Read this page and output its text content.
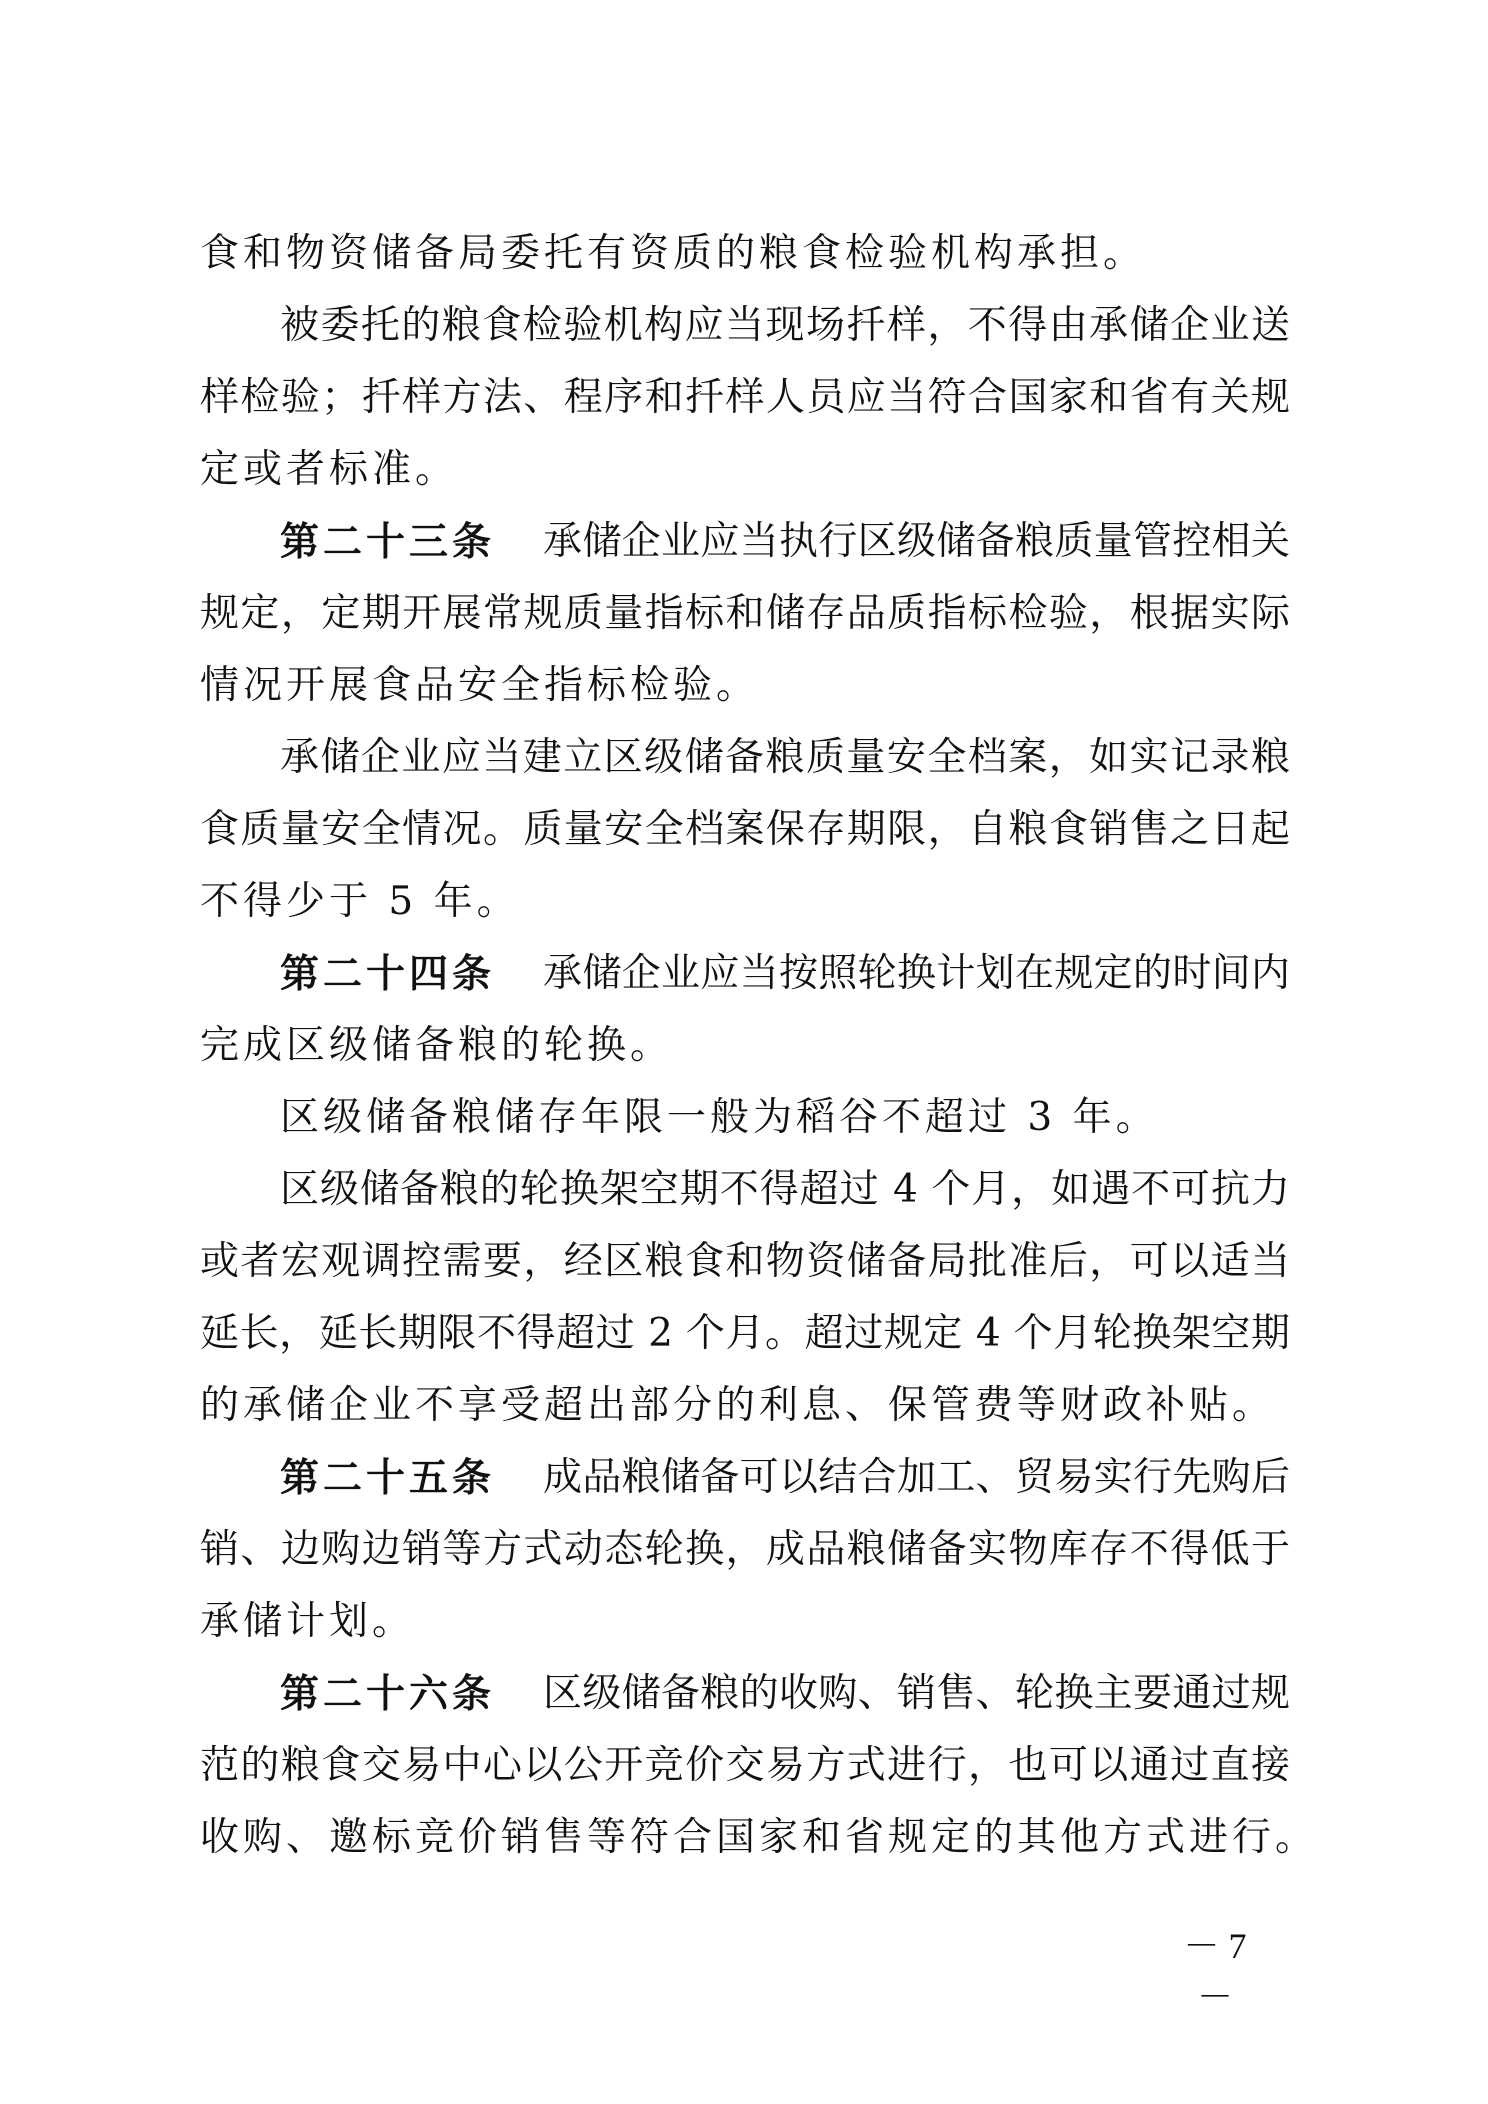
食和物资储备局委托有资质的粮食检验机构承担。
被委托的粮食检验机构应当现场扦样，不得由承储企业送
样检验；扦样方法、程序和扦样人员应当符合国家和省有关规
定或者标准。
第二十三条 承储企业应当执行区级储备粮质量管控相关
规定，定期开展常规质量指标和储存品质指标检验，根据实际
情况开展食品安全指标检验。
承储企业应当建立区级储备粮质量安全档案，如实记录粮
食质量安全情况。质量安全档案保存期限，自粮食销售之日起
不得少于 5 年。
第二十四条 承储企业应当按照轮换计划在规定的时间内
完成区级储备粮的轮换。
区级储备粮储存年限一般为稻谷不超过 3 年。
区级储备粮的轮换架空期不得超过 4 个月，如遇不可抗力
或者宏观调控需要，经区粮食和物资储备局批准后，可以适当
延长，延长期限不得超过 2 个月。超过规定 4 个月轮换架空期
的承储企业不享受超出部分的利息、保管费等财政补贴。
第二十五条 成品粮储备可以结合加工、贸易实行先购后
销、边购边销等方式动态轮换，成品粮储备实物库存不得低于
承储计划。
第二十六条 区级储备粮的收购、销售、轮换主要通过规
范的粮食交易中心以公开竞价交易方式进行，也可以通过直接
收购、邀标竞价销售等符合国家和省规定的其他方式进行。
－ 7 －
